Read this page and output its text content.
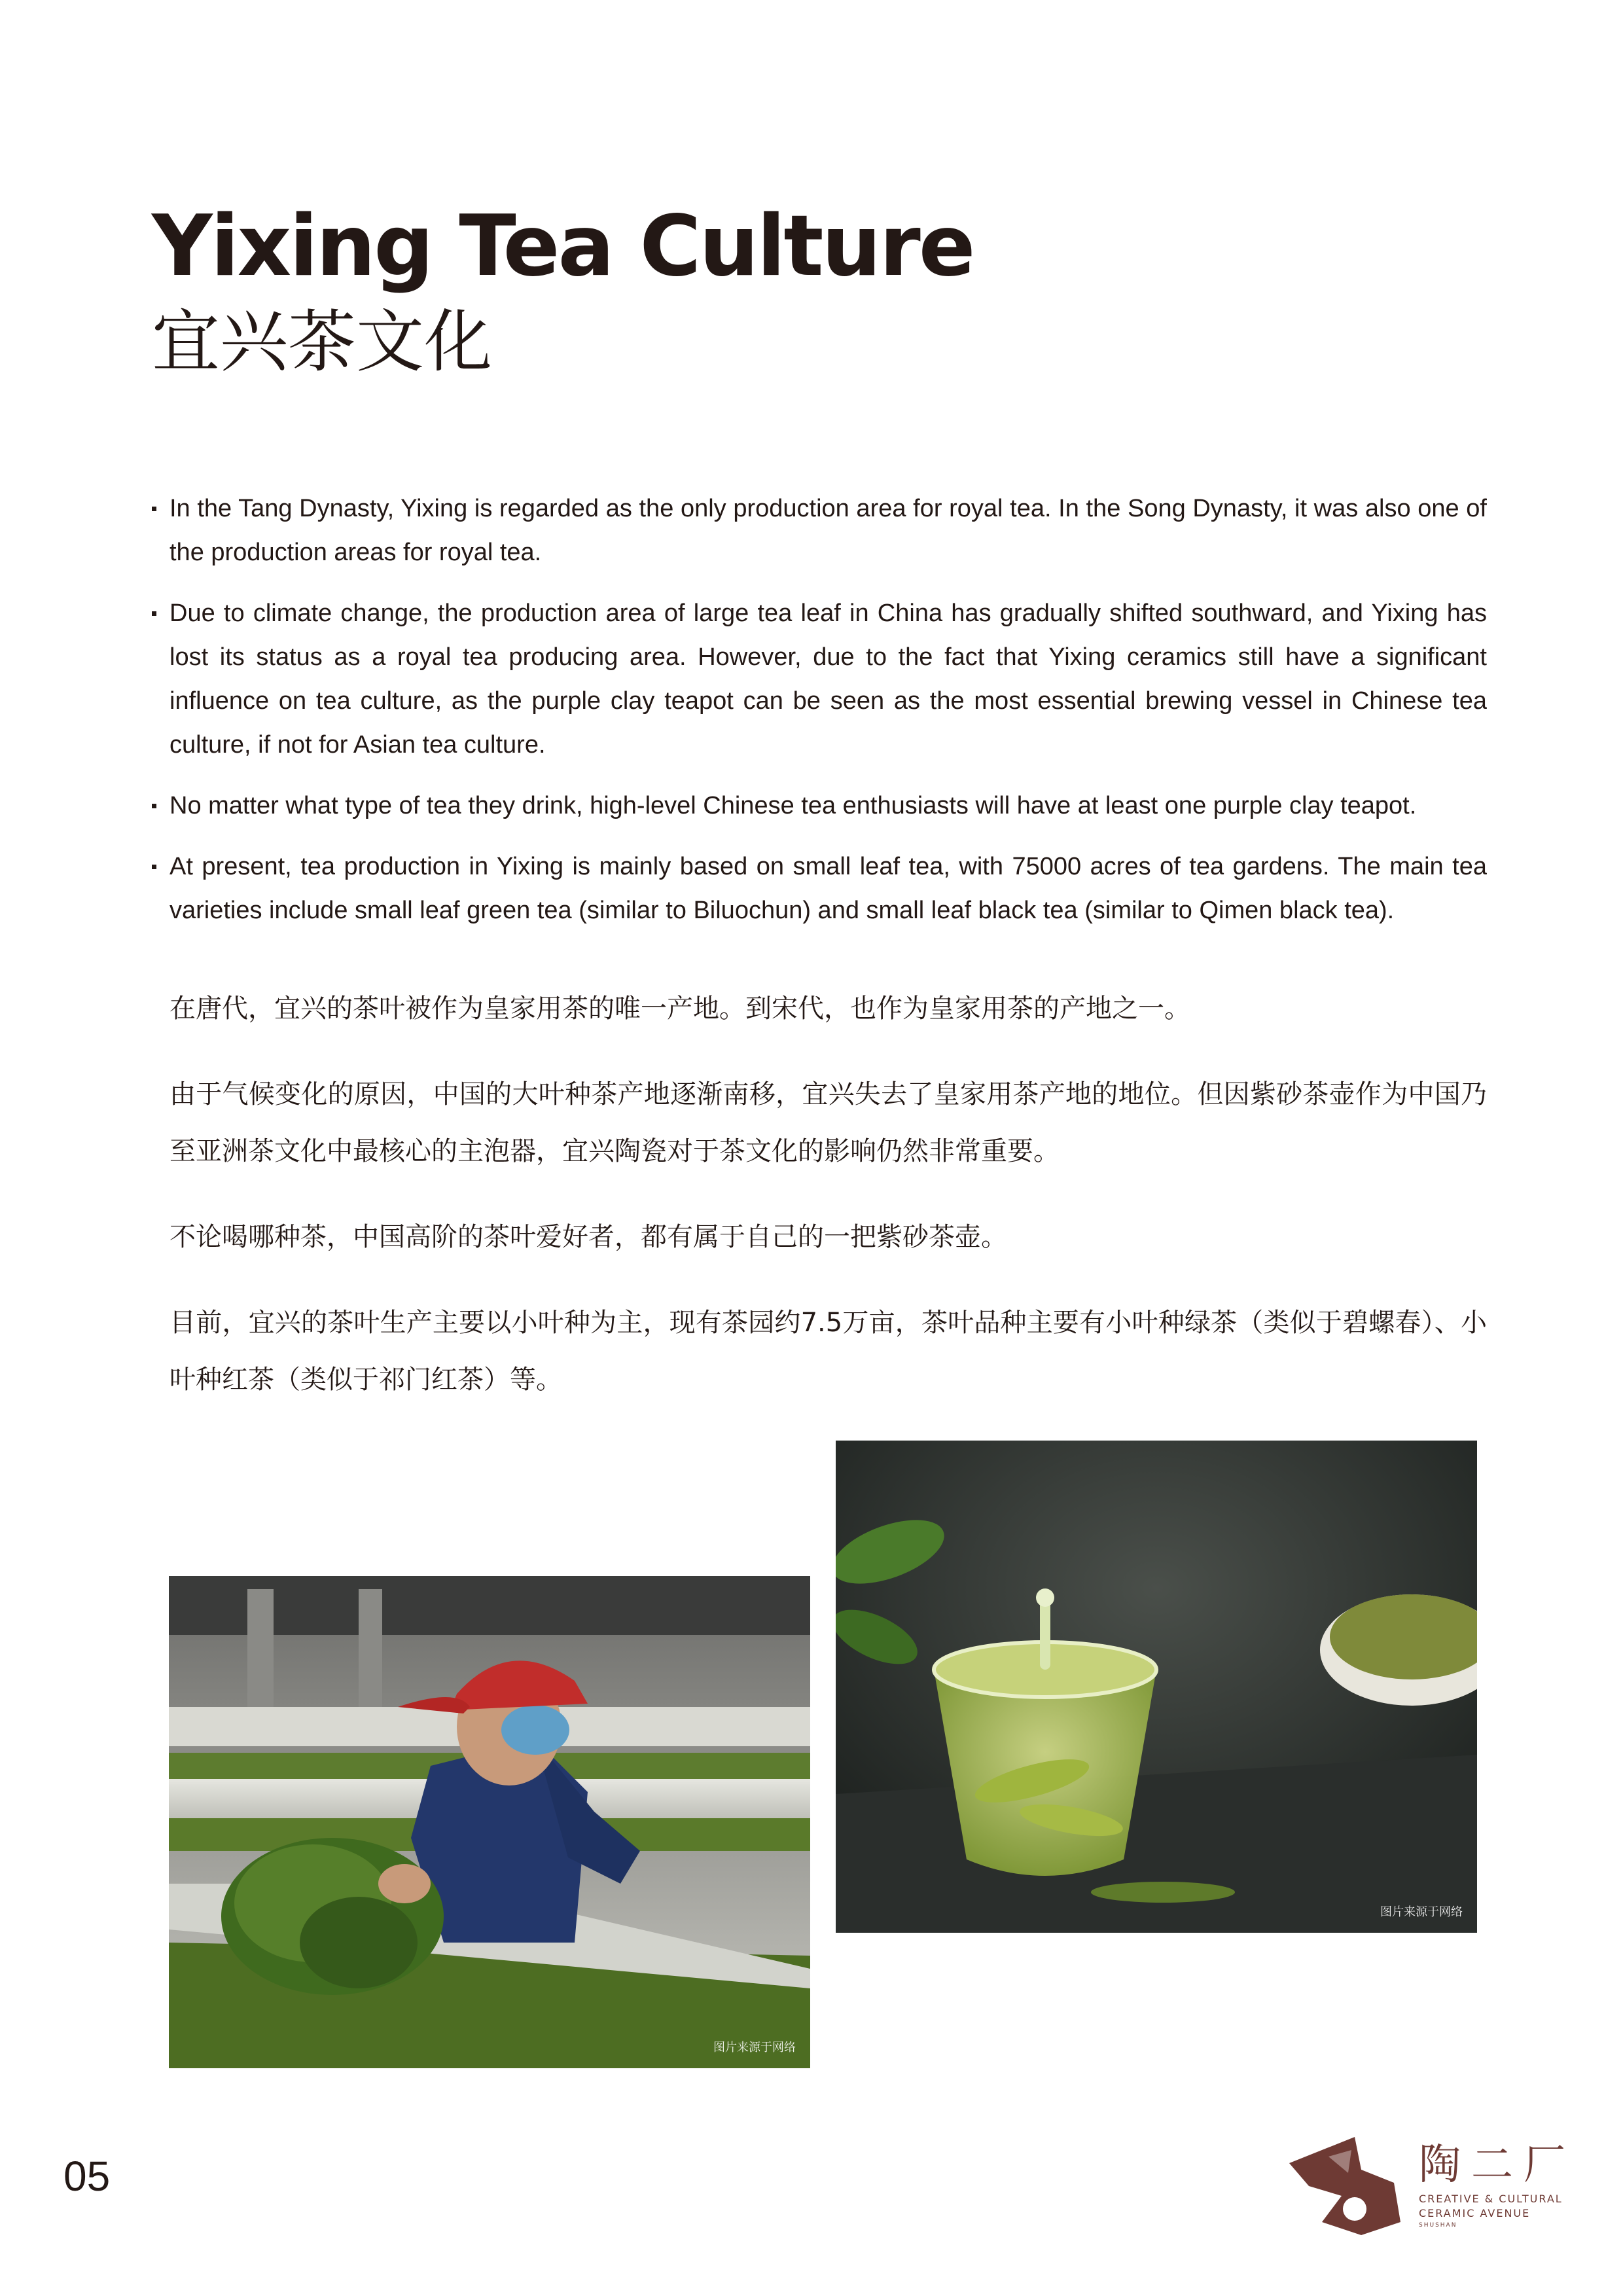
Yixing Tea Culture
宜兴茶文化
In the Tang Dynasty, Yixing is regarded as the only production area for royal tea. In the Song Dynasty, it was also one of the production areas for royal tea.
Due to climate change, the production area of large tea leaf in China has gradually shifted southward, and Yixing has lost its status as a royal tea producing area. However, due to the fact that Yixing ceramics still have a significant influence on tea culture, as the purple clay teapot can be seen as the most essential brewing vessel in Chinese tea culture, if not for Asian tea culture.
No matter what type of tea they drink, high-level Chinese tea enthusiasts will have at least one purple clay teapot.
At present, tea production in Yixing is mainly based on small leaf tea, with 75000 acres of tea gardens. The main tea varieties include small leaf green tea (similar to Biluochun) and small leaf black tea (similar to Qimen black tea).

在唐代，宜兴的茶叶被作为皇家用茶的唯一产地。到宋代，也作为皇家用茶的产地之一。

由于气候变化的原因，中国的大叶种茶产地逐渐南移，宜兴失去了皇家用茶产地的地位。但因紫砂茶壶作为中国乃至亚洲茶文化中最核心的主泡器，宜兴陶瓷对于茶文化的影响仍然非常重要。

不论喝哪种茶，中国高阶的茶叶爱好者，都有属于自己的一把紫砂茶壶。

目前，宜兴的茶叶生产主要以小叶种为主，现有茶园约7.5万亩，茶叶品种主要有小叶种绿茶（类似于碧螺春）、小叶种红茶（类似于祁门红茶）等。

图片来源于网络
图片来源于网络
05	陶二厂
CREATIVE & CULTURAL
CERAMIC AVENUE
SHUSHAN
